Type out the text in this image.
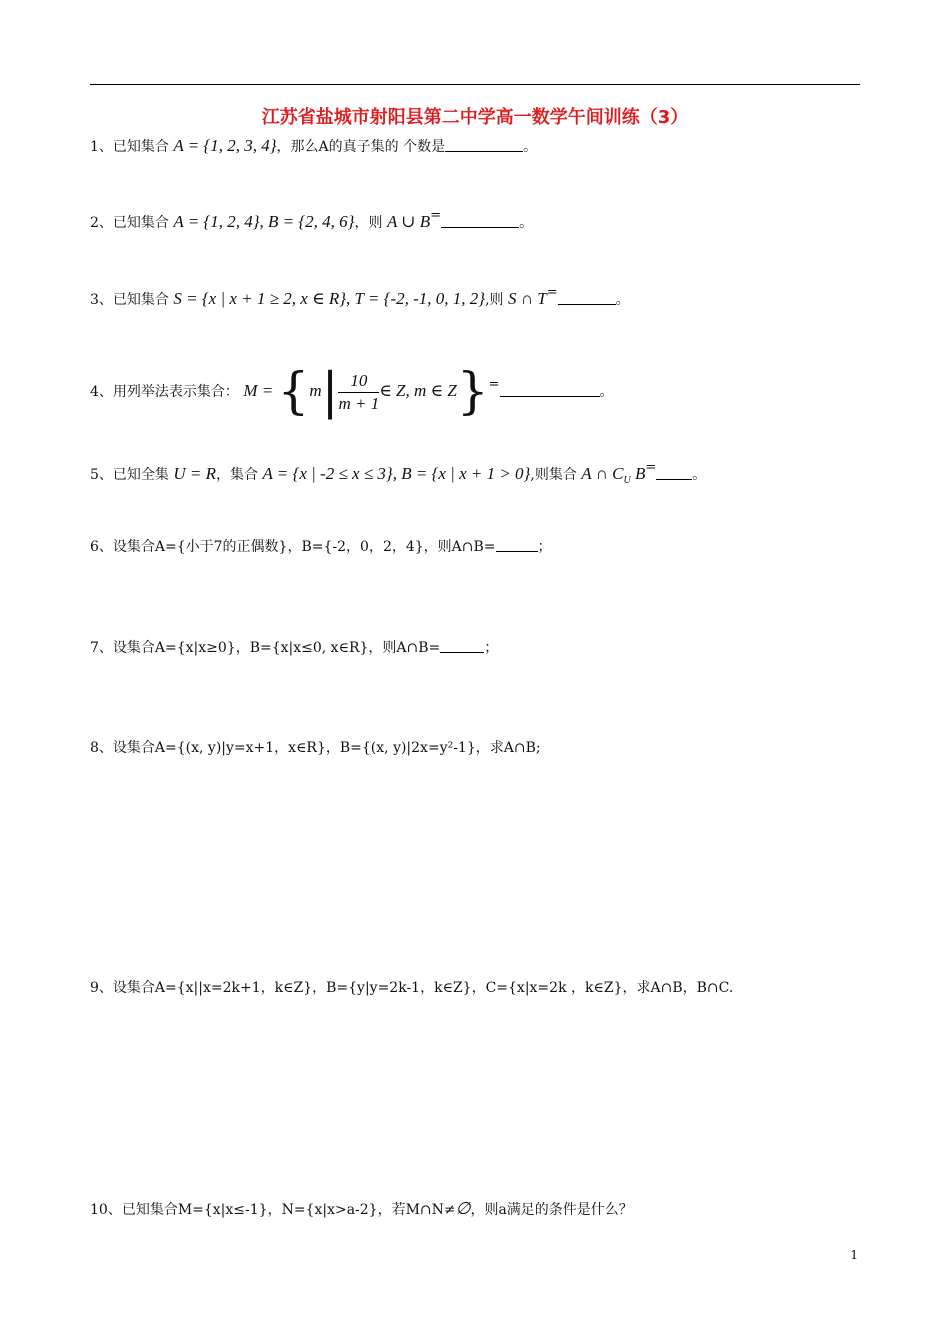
江苏省盐城市射阳县第二中学高一数学午间训练（3）
1、已知集合 A = {1, 2, 3, 4}，那么A的真子集的 个数是	。
2、已知集合 A = {1, 2, 4}, B = {2, 4, 6}，则 A ∪ B=	。
3、已知集合 S = {x | x + 1 ≥ 2, x ∈ R}, T = {-2, -1, 0, 1, 2},则 S ∩ T=	。
4、用列举法表示集合： $M = \{m| \frac{10}{m + 1}$ ∈ Z, m ∈ Z}=	。
5、已知全集 U = R，集合 A = {x | -2 ≤ x ≤ 3}, B = {x | x + 1 > 0},则集合 A ∩ $C_U$ B=	。
6、设集合A={小于7的正偶数}，B={-2，0，2，4}，则A∩B=	；
7、设集合A={x|x≥0}，B={x|x≤0, x∈R}，则A∩B=	；
8、设集合A={(x, y)|y=x+1，x∈R}，B={(x, y)|2x=y²-1}，求A∩B;
9、设集合A={x||x=2k+1，k∈Z}，B={y|y=2k-1，k∈Z}，C={x|x=2k ，k∈Z}，求A∩B，B∩C.
10、已知集合M={x|x≤-1}，N={x|x>a-2}，若M∩N≠∅，则a满足的条件是什么？
1
